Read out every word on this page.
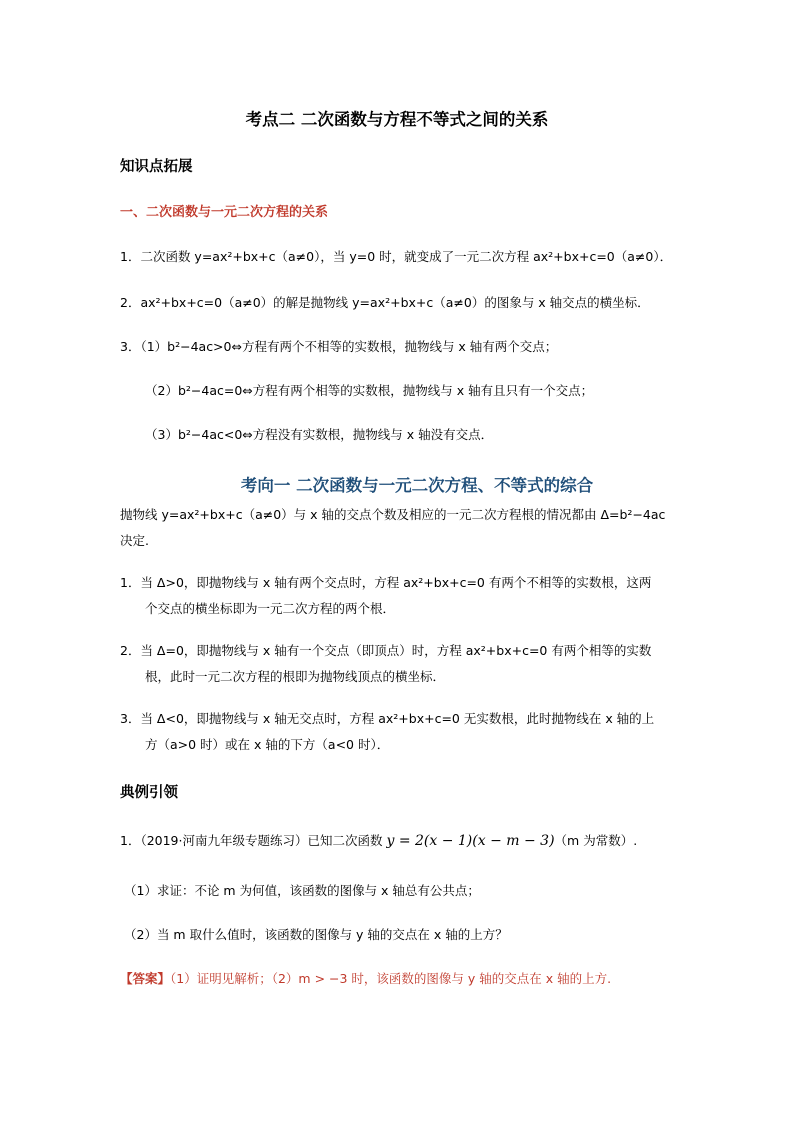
考点二 二次函数与方程不等式之间的关系
知识点拓展
一、二次函数与一元二次方程的关系
1．二次函数 y=ax²+bx+c（a≠0），当 y=0 时，就变成了一元二次方程 ax²+bx+c=0（a≠0）．
2．ax²+bx+c=0（a≠0）的解是抛物线 y=ax²+bx+c（a≠0）的图象与 x 轴交点的横坐标．
3．（1）b²−4ac>0⇔方程有两个不相等的实数根，抛物线与 x 轴有两个交点；
（2）b²−4ac=0⇔方程有两个相等的实数根，抛物线与 x 轴有且只有一个交点；
（3）b²−4ac<0⇔方程没有实数根，抛物线与 x 轴没有交点．
考向一 二次函数与一元二次方程、不等式的综合
抛物线 y=ax²+bx+c（a≠0）与 x 轴的交点个数及相应的一元二次方程根的情况都由 Δ=b²−4ac
决定.
1．当 Δ>0，即抛物线与 x 轴有两个交点时，方程 ax²+bx+c=0 有两个不相等的实数根，这两
个交点的横坐标即为一元二次方程的两个根．
2．当 Δ=0，即抛物线与 x 轴有一个交点（即顶点）时，方程 ax²+bx+c=0 有两个相等的实数
根，此时一元二次方程的根即为抛物线顶点的横坐标．
3．当 Δ<0，即抛物线与 x 轴无交点时，方程 ax²+bx+c=0 无实数根，此时抛物线在 x 轴的上
方（a>0 时）或在 x 轴的下方（a<0 时）．
典例引领
1．（2019·河南九年级专题练习）已知二次函数 y = 2(x − 1)(x − m − 3)（m 为常数）.
（1）求证：不论 m 为何值，该函数的图像与 x 轴总有公共点；
（2）当 m 取什么值时，该函数的图像与 y 轴的交点在 x 轴的上方？
【答案】（1）证明见解析；（2）m > −3 时，该函数的图像与 y 轴的交点在 x 轴的上方.
